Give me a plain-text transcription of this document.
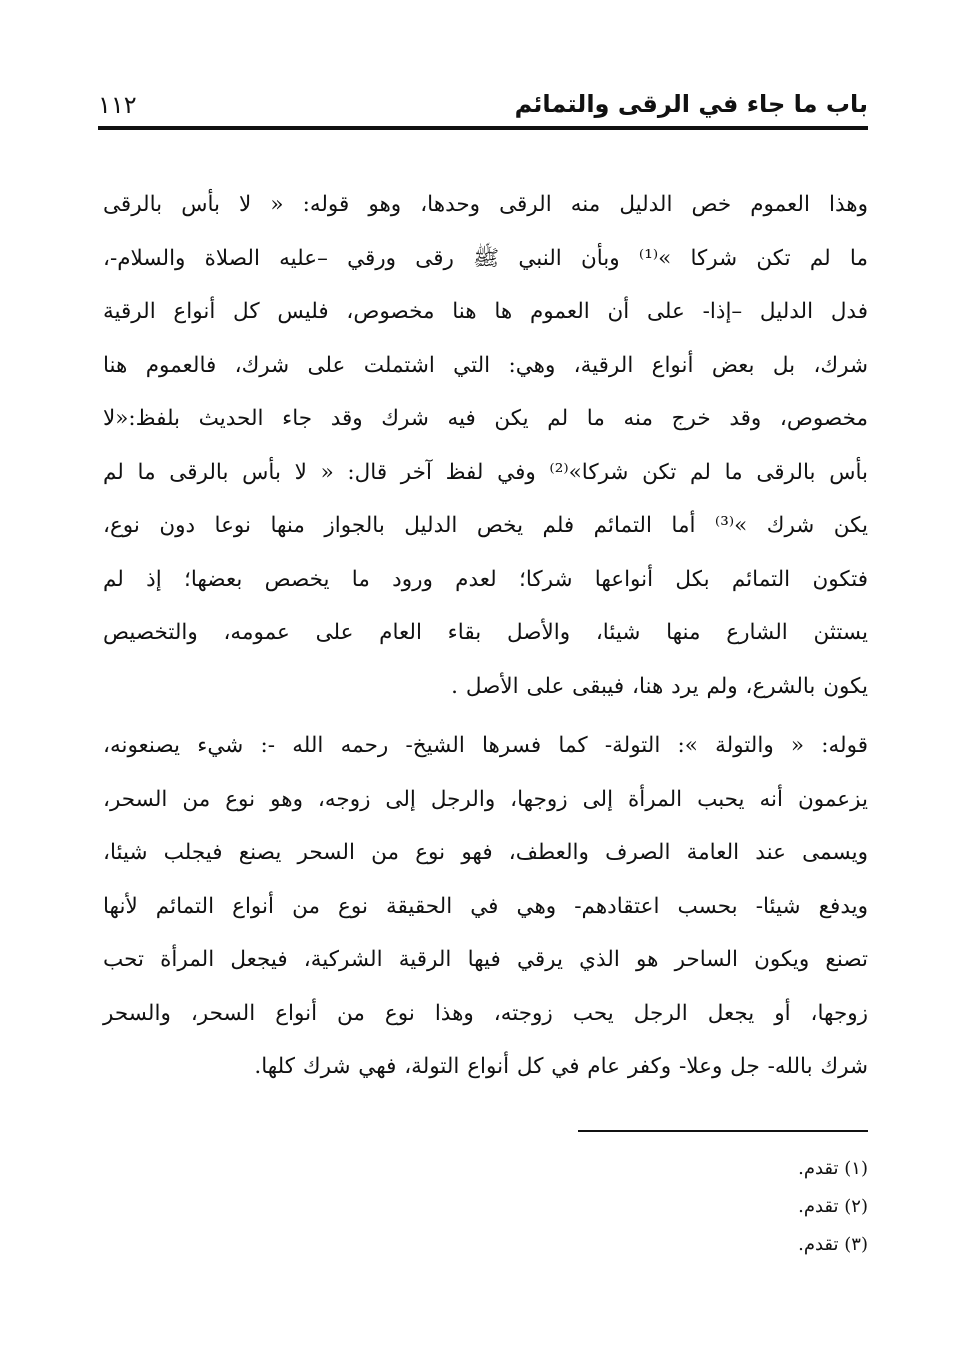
باب ما جاء في الرقى والتمائم
١١٢
وهذا العموم خص الدليل منه الرقى وحدها، وهو قوله: « لا بأس بالرقى
ما لم تكن شركا »⁽¹⁾ وبأن النبي ﷺ رقى ورقي –عليه الصلاة والسلام-،
فدل الدليل –إذا- على أن العموم ها هنا مخصوص، فليس كل أنواع الرقية
شرك، بل بعض أنواع الرقية، وهي: التي اشتملت على شرك، فالعموم هنا
مخصوص، وقد خرج منه ما لم يكن فيه شرك وقد جاء الحديث بلفظ:«لا
بأس بالرقى ما لم تكن شركا»⁽²⁾ وفي لفظ آخر قال: « لا بأس بالرقى ما لم
يكن شرك »⁽³⁾ أما التمائم فلم يخص الدليل بالجواز منها نوعا دون نوع،
فتكون التمائم بكل أنواعها شركا؛ لعدم ورود ما يخصص بعضها؛ إذ لم
يستثن الشارع منها شيئا، والأصل بقاء العام على عمومه، والتخصيص
يكون بالشرع، ولم يرد هنا، فيبقى على الأصل .
قوله: « والتولة »: التولة- كما فسرها الشيخ- رحمه الله -: شيء يصنعونه،
يزعمون أنه يحبب المرأة إلى زوجها، والرجل إلى زوجه، وهو نوع من السحر،
ويسمى عند العامة الصرف والعطف، فهو نوع من السحر يصنع فيجلب شيئا،
ويدفع شيئا- بحسب اعتقادهم- وهي في الحقيقة نوع من أنواع التمائم لأنها
تصنع ويكون الساحر هو الذي يرقي فيها الرقية الشركية، فيجعل المرأة تحب
زوجها، أو يجعل الرجل يحب زوجته، وهذا نوع من أنواع السحر، والسحر
شرك بالله- جل وعلا- وكفر عام في كل أنواع التولة، فهي شرك كلها.
(١) تقدم.
(٢) تقدم.
(٣) تقدم.
